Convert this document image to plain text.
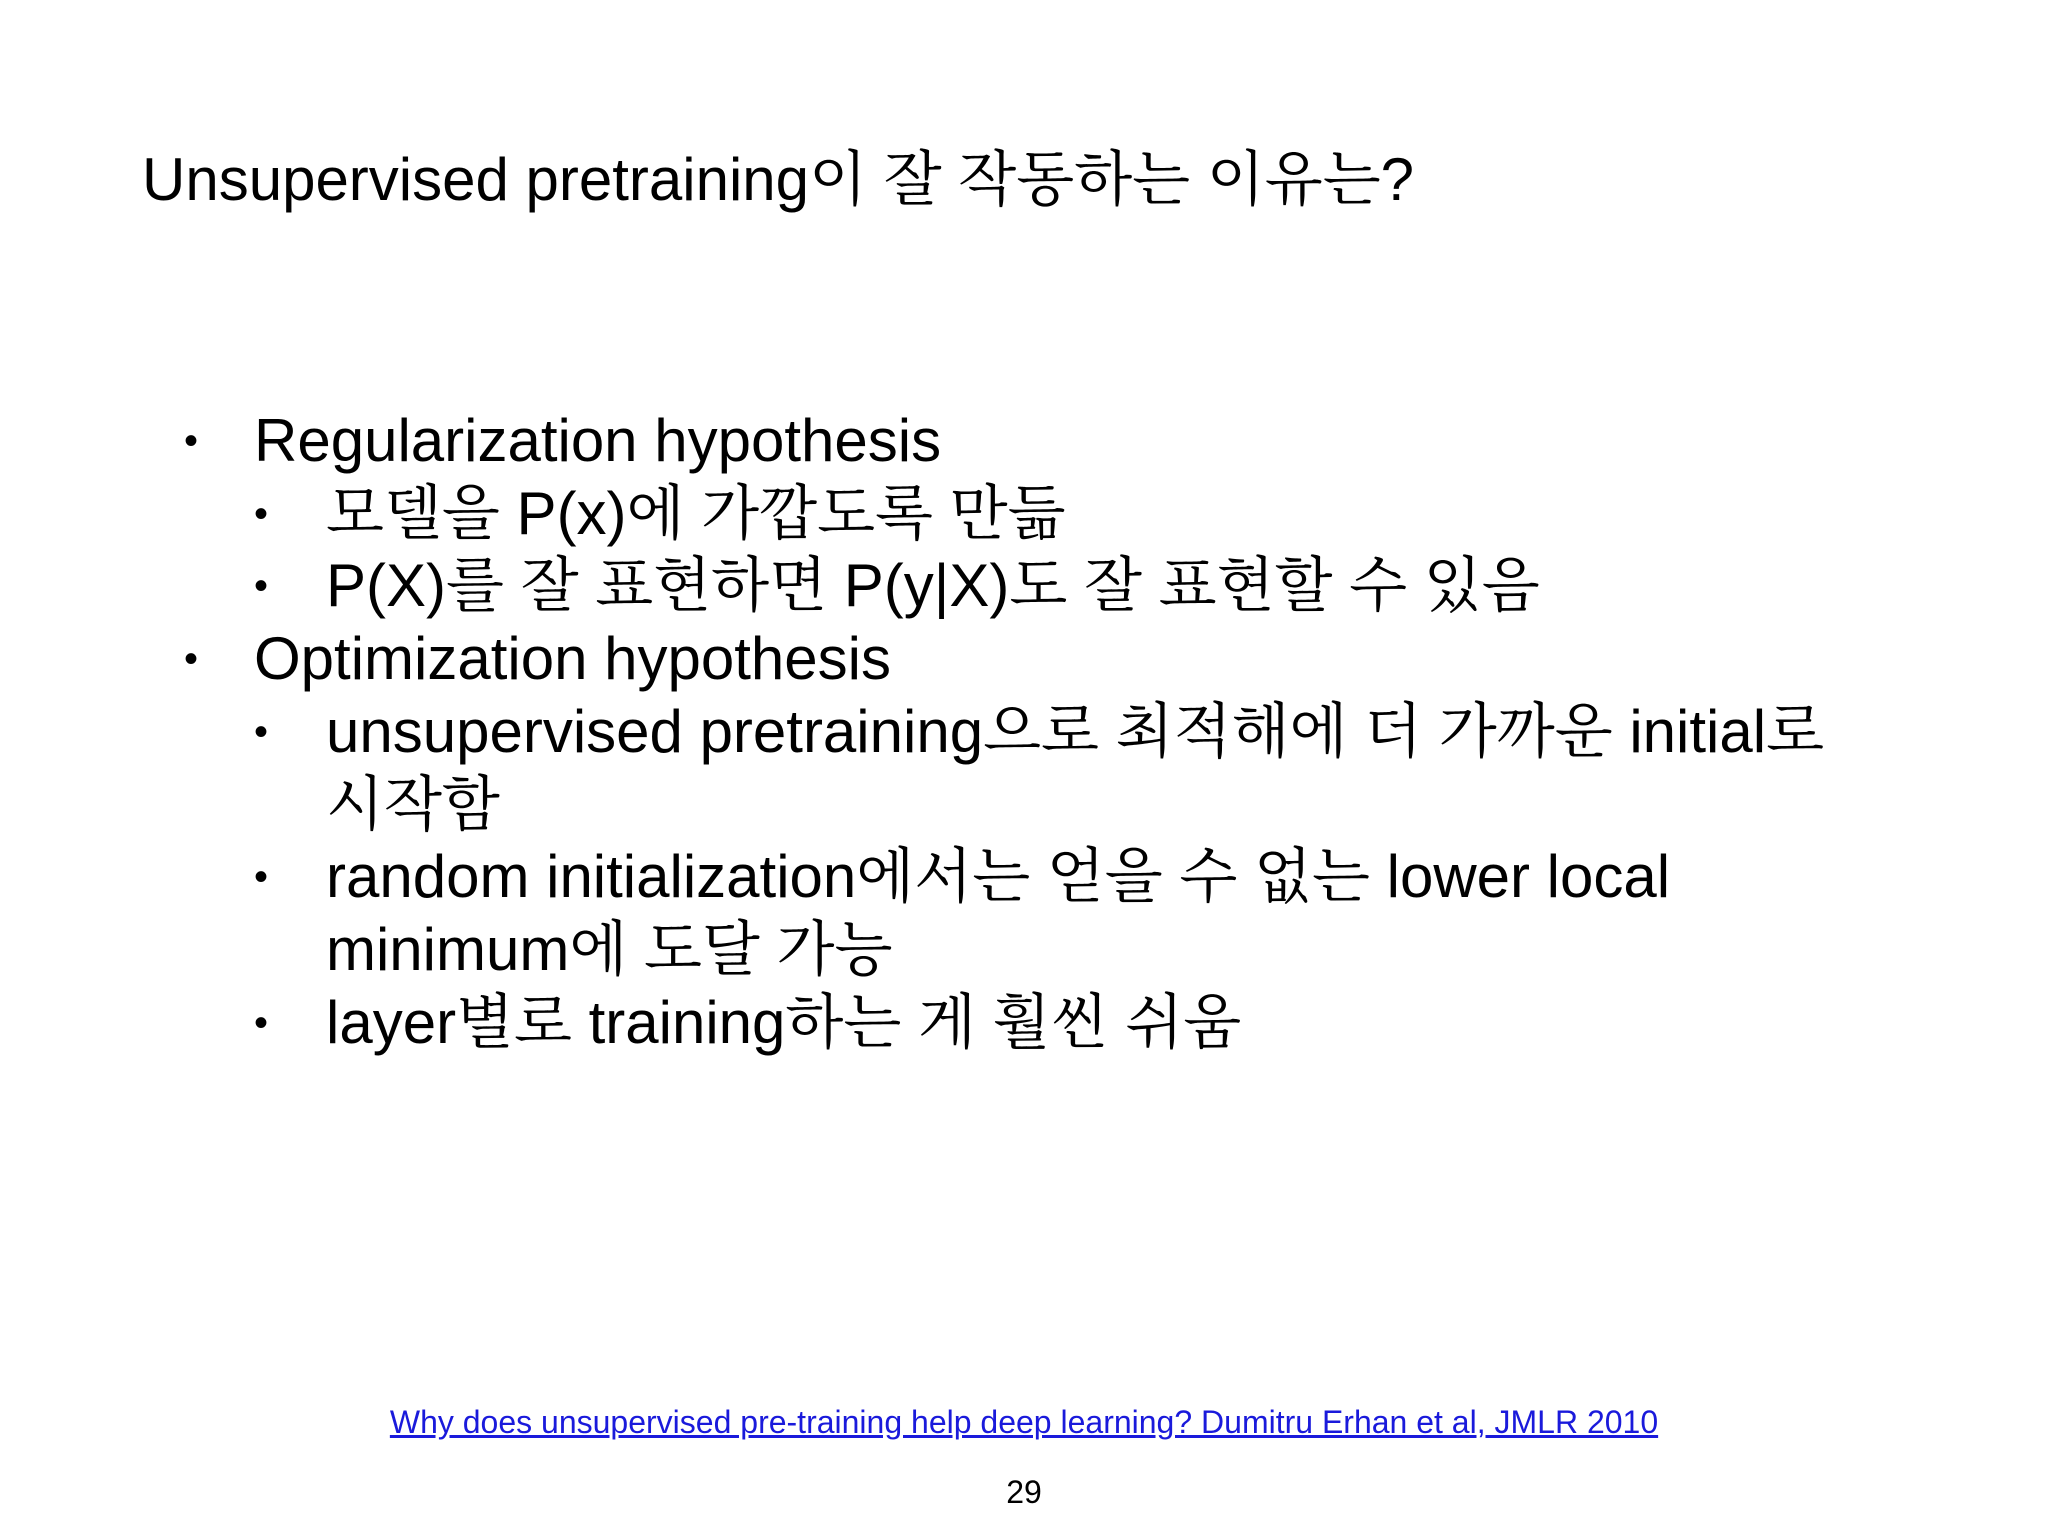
Unsupervised pretraining이 잘 작동하는 이유는?
• Regularization hypothesis
• 모델을 P(x)에 가깝도록 만듦
• P(X)를 잘 표현하면 P(y|X)도 잘 표현할 수 있음
• Optimization hypothesis
• unsupervised pretraining으로 최적해에 더 가까운 initial로
시작함
• random initialization에서는 얻을 수 없는 lower local
minimum에 도달 가능
• layer별로 training하는 게 훨씬 쉬움
Why does unsupervised pre-training help deep learning? Dumitru Erhan et al, JMLR 2010
29
